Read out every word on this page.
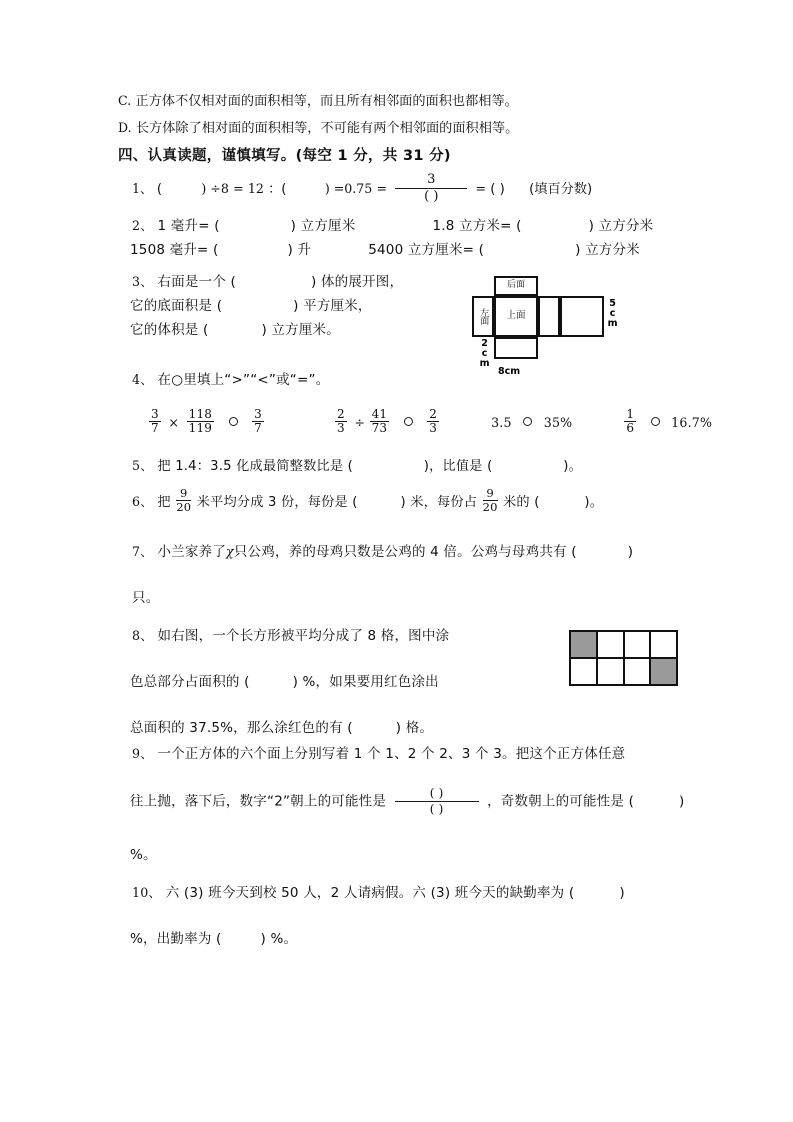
C. 正方体不仅相对面的面积相等，而且所有相邻面的面积也都相等。
D. 长方体除了相对面的面积相等，不可能有两个相邻面的面积相等。
四、认真读题，谨慎填写。(每空 1 分，共 31 分)
1、 (	) ÷8 = 12 ：(	) $=0.75 = \frac{3}{( )}$ = ( ) (填百分数)
2、 1 毫升= (	) 立方厘米	1.8 立方米= (	) 立方分米
1508 毫升= (	) 升	5400 立方厘米= (	) 立方分米
3、 右面是一个 (	) 体的展开图，
它的底面积是 (	) 平方厘米，
它的体积是 (	) 立方厘米。
后面
左面 上面	5cm
2cm
8cm
4、 在○里填上“>”“<”或“=”。
$\frac{3}{7} \times \frac{118}{119}$
	$\frac{3}{7}$
	$\frac{2}{3} \div \frac{41}{73}$
	$\frac{2}{3}$	3.5	35%	$\frac{1}{6}$	16.7%
5、 把 1.4：3.5 化成最简整数比是 (	)，比值是 (	)。
6、 把 $\frac{9}{20}$ 米平均分成 3 份，每份是 (	) 米，每份占 $\frac{9}{20}$ 米的 (	)。
7、 小兰家养了χ只公鸡，养的母鸡只数是公鸡的 4 倍。公鸡与母鸡共有 (	)
只。
8、 如右图，一个长方形被平均分成了 8 格，图中涂
色总部分占面积的 (	) %，如果要用红色涂出
总面积的 37.5%，那么涂红色的有 (	) 格。

9、 一个正方体的六个面上分别写着 1 个 1、2 个 2、3 个 3。把这个正方体任意
往上抛，落下后，数字“2”朝上的可能性是 $\frac{( )}{( )}$ ，奇数朝上的可能性是 (	)
%。
10、 六 (3) 班今天到校 50 人，2 人请病假。六 (3) 班今天的缺勤率为 (	)
%，出勤率为 (	) %。
